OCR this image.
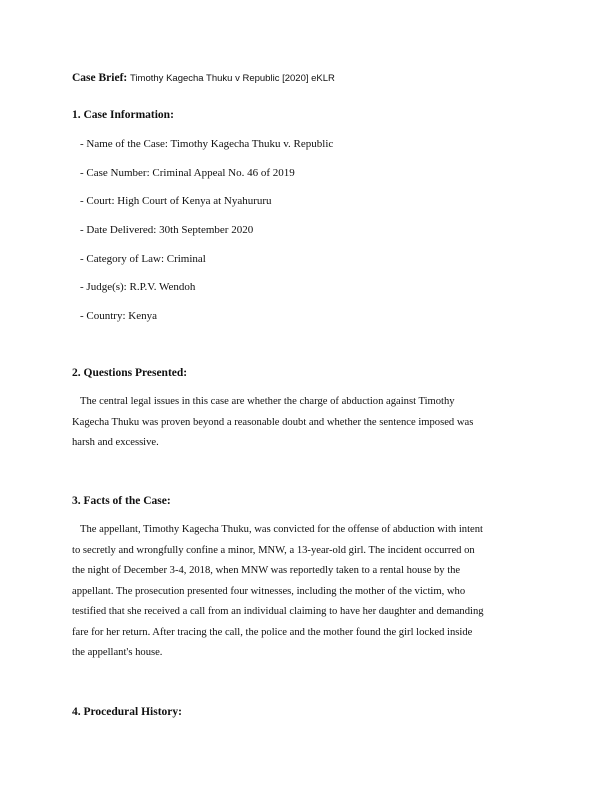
Case Brief: Timothy Kagecha Thuku v Republic [2020] eKLR
1. Case Information:
- Name of the Case: Timothy Kagecha Thuku v. Republic
- Case Number: Criminal Appeal No. 46 of 2019
- Court: High Court of Kenya at Nyahururu
- Date Delivered: 30th September 2020
- Category of Law: Criminal
- Judge(s): R.P.V. Wendoh
- Country: Kenya
2. Questions Presented:
The central legal issues in this case are whether the charge of abduction against Timothy
Kagecha Thuku was proven beyond a reasonable doubt and whether the sentence imposed was
harsh and excessive.
3. Facts of the Case:
The appellant, Timothy Kagecha Thuku, was convicted for the offense of abduction with intent
to secretly and wrongfully confine a minor, MNW, a 13-year-old girl. The incident occurred on
the night of December 3-4, 2018, when MNW was reportedly taken to a rental house by the
appellant. The prosecution presented four witnesses, including the mother of the victim, who
testified that she received a call from an individual claiming to have her daughter and demanding
fare for her return. After tracing the call, the police and the mother found the girl locked inside
the appellant's house.
4. Procedural History:
